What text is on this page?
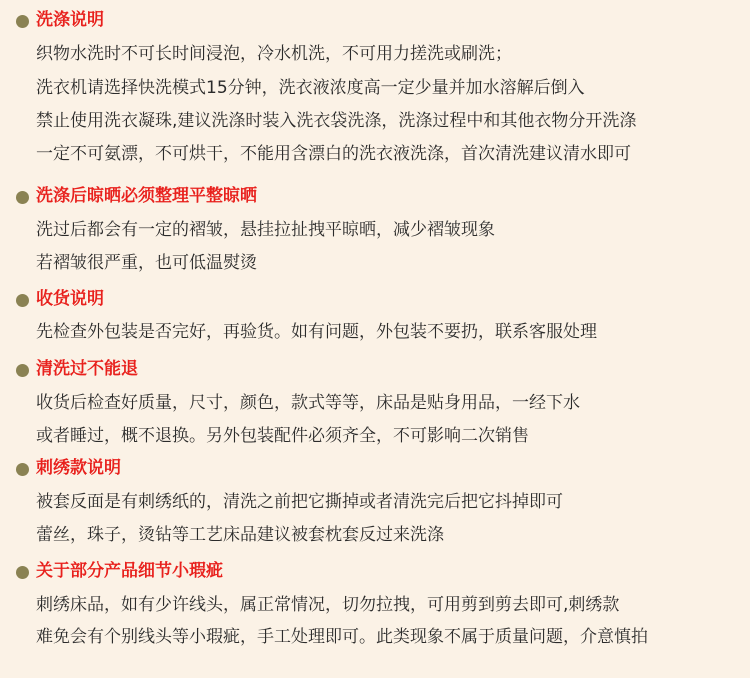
洗涤说明
织物水洗时不可长时间浸泡，冷水机洗，不可用力搓洗或刷洗；
洗衣机请选择快洗模式15分钟，洗衣液浓度高一定少量并加水溶解后倒入
禁止使用洗衣凝珠,建议洗涤时装入洗衣袋洗涤，洗涤过程中和其他衣物分开洗涤
一定不可氨漂，不可烘干，不能用含漂白的洗衣液洗涤，首次清洗建议清水即可
洗涤后晾晒必须整理平整晾晒
洗过后都会有一定的褶皱，悬挂拉扯拽平晾晒，减少褶皱现象
若褶皱很严重，也可低温熨烫
收货说明
先检查外包装是否完好，再验货。如有问题，外包装不要扔，联系客服处理
清洗过不能退
收货后检查好质量，尺寸，颜色，款式等等，床品是贴身用品，一经下水
或者睡过，概不退换。另外包装配件必须齐全，不可影响二次销售
刺绣款说明
被套反面是有刺绣纸的，清洗之前把它撕掉或者清洗完后把它抖掉即可
蕾丝，珠子，烫钻等工艺床品建议被套枕套反过来洗涤
关于部分产品细节小瑕疵
刺绣床品，如有少许线头，属正常情况，切勿拉拽，可用剪到剪去即可,刺绣款
难免会有个别线头等小瑕疵，手工处理即可。此类现象不属于质量问题，介意慎拍
